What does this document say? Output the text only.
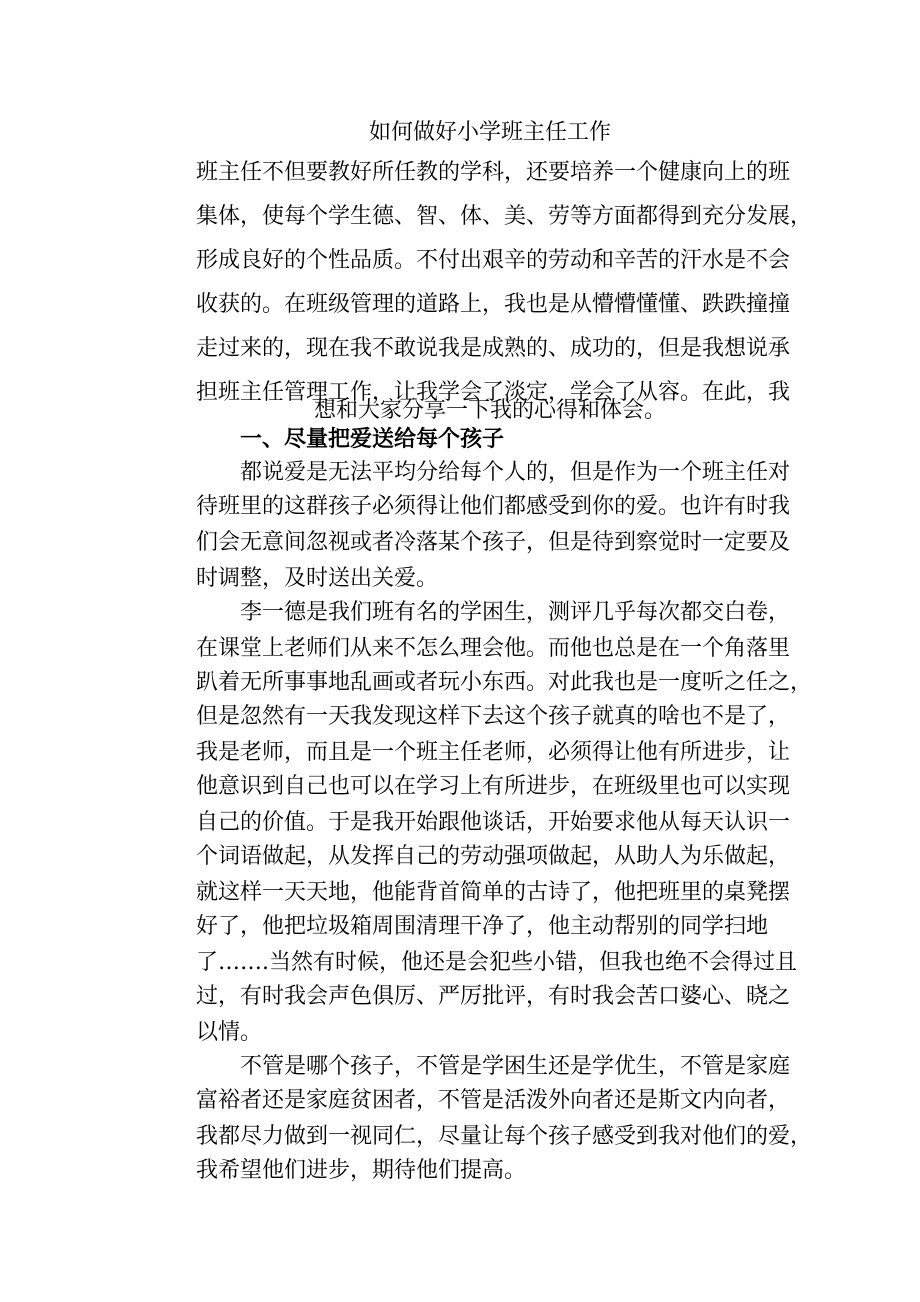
如何做好小学班主任工作
班主任不但要教好所任教的学科，还要培养一个健康向上的班
集体，使每个学生德、智、体、美、劳等方面都得到充分发展，
形成良好的个性品质。不付出艰辛的劳动和辛苦的汗水是不会
收获的。在班级管理的道路上，我也是从懵懵懂懂、跌跌撞撞
走过来的，现在我不敢说我是成熟的、成功的，但是我想说承
担班主任管理工作，让我学会了淡定，学会了从容。在此，我
想和大家分享一下我的心得和体会。
一、尽量把爱送给每个孩子
都说爱是无法平均分给每个人的，但是作为一个班主任对
待班里的这群孩子必须得让他们都感受到你的爱。也许有时我
们会无意间忽视或者冷落某个孩子，但是待到察觉时一定要及
时调整，及时送出关爱。
李一德是我们班有名的学困生，测评几乎每次都交白卷，
在课堂上老师们从来不怎么理会他。而他也总是在一个角落里
趴着无所事事地乱画或者玩小东西。对此我也是一度听之任之，
但是忽然有一天我发现这样下去这个孩子就真的啥也不是了，
我是老师，而且是一个班主任老师，必须得让他有所进步，让
他意识到自己也可以在学习上有所进步，在班级里也可以实现
自己的价值。于是我开始跟他谈话，开始要求他从每天认识一
个词语做起，从发挥自己的劳动强项做起，从助人为乐做起，
就这样一天天地，他能背首简单的古诗了，他把班里的桌凳摆
好了，他把垃圾箱周围清理干净了，他主动帮别的同学扫地
了…….当然有时候，他还是会犯些小错，但我也绝不会得过且
过，有时我会声色俱厉、严厉批评，有时我会苦口婆心、晓之
以情。
不管是哪个孩子，不管是学困生还是学优生，不管是家庭
富裕者还是家庭贫困者，不管是活泼外向者还是斯文内向者，
我都尽力做到一视同仁，尽量让每个孩子感受到我对他们的爱，
我希望他们进步，期待他们提高。
